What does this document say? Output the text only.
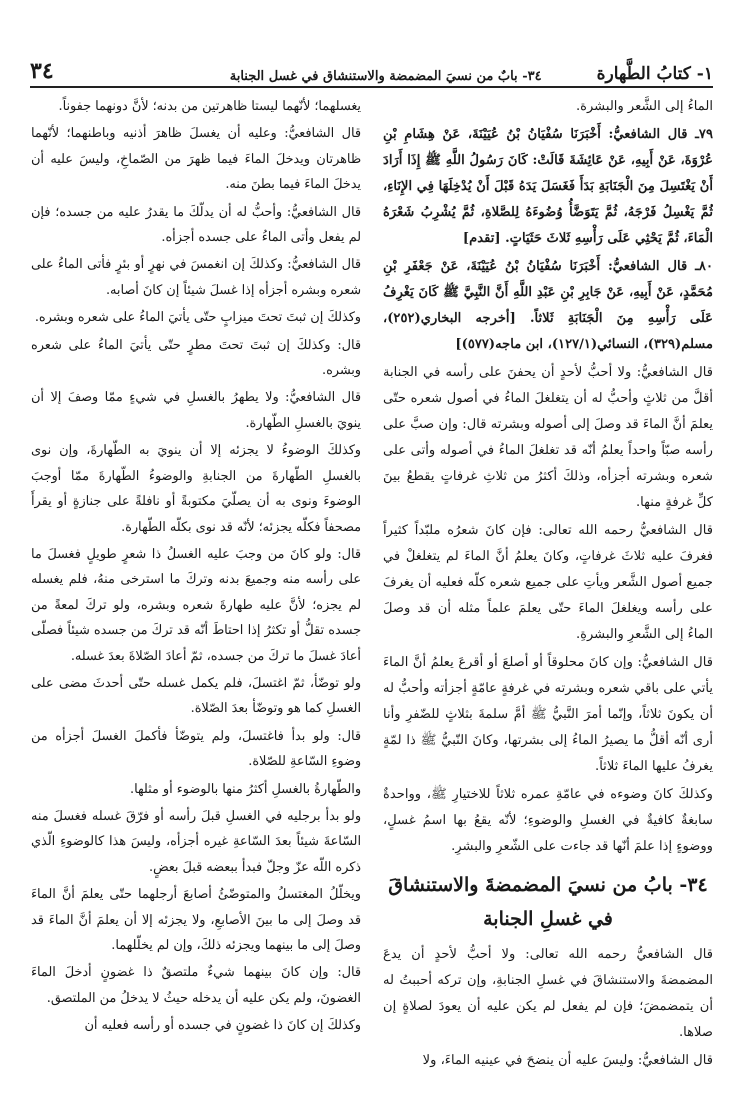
١- كتابُ الطَّهارة
٣٤- بابٌ من نسيَ المضمضة والاستنشاق في غسل الجنابة
٣٤

الماءُ إلى الشَّعر والبشرة.

٧٩ـ قال الشافعيُّ: أَخْبَرَنَا سُفْيَانُ بْنُ عُيَيْنَةَ، عَنْ هِشَامِ بْنِ عُرْوَةَ، عَنْ أَبِيهِ، عَنْ عَائِشَةَ قَالَتْ: كَانَ رَسُولُ اللَّهِ ﷺ إِذَا أَرَادَ أَنْ يَغْتَسِلَ مِنَ الْجَنَابَةِ بَدَأَ فَغَسَلَ يَدَهُ قَبْلَ أَنْ يُدْخِلَهَا فِي الإِنَاءِ، ثُمَّ يَغْسِلُ فَرْجَهُ، ثُمَّ يَتَوَضَّأُ وُضُوءَهُ لِلصَّلاةِ، ثُمَّ يُشْرِبُ شَعْرَهُ الْمَاءَ، ثُمَّ يَحْثِي عَلَى رَأْسِهِ ثَلاثَ حَثَيَاتٍ. [تقدم]

٨٠ـ قال الشافعيُّ: أَخْبَرَنَا سُفْيَانُ بْنُ عُيَيْنَةَ، عَنْ جَعْفَرِ بْنِ مُحَمَّدٍ، عَنْ أَبِيهِ، عَنْ جَابِرِ بْنِ عَبْدِ اللَّهِ أَنَّ النَّبِيَّ ﷺ كَانَ يَغْرِفُ عَلَى رَأْسِهِ مِنَ الْجَنَابَةِ ثَلاثاً. [أخرجه البخاري(٢٥٢)، مسلم(٣٢٩)، النسائي(١٢٧/١)، ابن ماجه(٥٧٧)]

قال الشافعيُّ: ولا أحبُّ لأحدٍ أن يحفنَ على رأسه في الجنابة أقلَّ من ثلاثٍ وأحبُّ له أن يتغلغلَ الماءُ في أصول شعره حتّى يعلمَ أنَّ الماءَ قد وصلَ إلى أصوله وبشرته قال: وإن صبَّ على رأسه صبّاً واحداً يعلمُ أنّه قد تغلغلَ الماءُ في أصوله وأتى على شعره وبشرته أجزأه، وذلكَ أكثرُ من ثلاثِ غرفاتٍ يقطعُ بينَ كلِّ غرفةٍ منها.

قال الشافعيُّ رحمه الله تعالى: فإن كانَ شعرُه ملبّداً كثيراً فغرفَ عليه ثلاثَ غرفاتٍ، وكانَ يعلمُ أنَّ الماءَ لم يتغلغلْ في جميع أصول الشَّعر ويأتِ على جميع شعره كلّه فعليه أن يغرفَ على رأسه ويغلغلَ الماءَ حتّى يعلمَ علماً مثله أن قد وصلَ الماءُ إلى الشَّعرِ والبشرةِ.

قال الشافعيُّ: وإن كانَ محلوقاً أو أصلعَ أو أقرعَ يعلمُ أنَّ الماءَ يأتي على باقي شعره وبشرته في غرفةٍ عامّةٍ أجزأته وأحبُّ له أن يكونَ ثلاثاً، وإنّما أمرَ النَّبيُّ ﷺ أمَّ سلمةَ بثلاثٍ للضّفرِ وأنا أرى أنّه أقلُّ ما يصيرُ الماءُ إلى بشرتها، وكانَ النّبيُّ ﷺ ذا لمّةٍ يغرفُ عليها الماءَ ثلاثاً.

وكذلكَ كانَ وضوءه في عامّةِ عمره ثلاثاً للاختيارِ ﷺ، وواحدةٌ سابغةٌ كافيةٌ في الغسلِ والوضوءِ؛ لأنّه يقعُ بها اسمُ غسلٍ، ووضوءٍ إذا علمَ أنّها قد جاءت على الشّعرِ والبشرِ.

٣٤- بابُ من نسيَ المضمضةَ والاستنشاقَ في غسلِ الجنابة

قال الشافعيُّ رحمه الله تعالى: ولا أحبُّ لأحدٍ أن يدعَ المضمضةَ والاستنشاقَ في غسلِ الجنابةِ، وإن تركه أحببتُ له أن يتمضمضَ؛ فإن لم يفعل لم يكن عليه أن يعودَ لصلاةٍ إن صلاها.

قال الشافعيُّ: وليسَ عليه أن ينضحَ في عينيه الماءَ، ولا

يغسلهما؛ لأنّهما ليستا ظاهرتين من بدنه؛ لأنَّ دونهما جفوناً.

قال الشافعيُّ: وعليه أن يغسلَ ظاهرَ أذنيه وباطنهما؛ لأنّهما ظاهرتان ويدخلَ الماءَ فيما ظهرَ من الصّماخِ، وليسَ عليه أن يدخلَ الماءَ فيما بطنَ منه.

قال الشافعيُّ: وأحبُّ له أن يدلّكَ ما يقدرُ عليه من جسده؛ فإن لم يفعل وأتى الماءُ على جسده أجزأه.

قال الشافعيُّ: وكذلكَ إن انغمسَ في نهرٍ أو بئرٍ فأتى الماءُ على شعره وبشره أجزأه إذا غسلَ شيئاً إن كانَ أصابه.

وكذلكَ إن ثبتَ تحتَ ميزابٍ حتّى يأتيَ الماءُ على شعره وبشره.

قال: وكذلكَ إن ثبتَ تحتَ مطرٍ حتّى يأتيَ الماءُ على شعره وبشره.

قال الشافعيُّ: ولا يطهرُ بالغسلِ في شيءٍ ممّا وصفَ إلا أن ينويَ بالغسلِ الطّهارة.

وكذلكَ الوضوءُ لا يجزئه إلا أن ينويَ به الطّهارةَ، وإن نوى بالغسلِ الطّهارةَ من الجنابةِ والوضوءُ الطّهارةَ ممّا أوجبَ الوضوءَ ونوى به أن يصلّيَ مكتوبةً أو نافلةً على جنازةٍ أو يقرأَ مصحفاً فكلّه يجزئه؛ لأنّه قد نوى بكلّه الطّهارة.

قال: ولو كانَ من وجبَ عليه الغسلُ ذا شعرٍ طويلٍ فغسلَ ما على رأسه منه وجميعَ بدنه وتركَ ما استرخى منهُ، فلم يغسله لم يجزه؛ لأنَّ عليه طهارةَ شعره وبشره، ولو تركَ لمعةً من جسده تقلُّ أو تكثرُ إذا احتاطَ أنّه قد تركَ من جسده شيئاً فصلّى أعادَ غسلَ ما تركَ من جسده، ثمّ أعادَ الصّلاةَ بعدَ غسله.

ولو توضّأ، ثمّ اغتسلَ، فلم يكمل غسله حتّى أحدثَ مضى على الغسلِ كما هو وتوضّأ بعدَ الصّلاة.

قال: ولو بدأ فاغتسلَ، ولم يتوضّأ فأكملَ الغسلَ أجزأه من وضوءِ السّاعةِ للصّلاة.

والطّهارةُ بالغسلِ أكثرُ منها بالوضوء أو مثلها.

ولو بدأ برجليه في الغسلِ قبلَ رأسه أو فرّقَ غسله فغسلَ منه السّاعةَ شيئاً بعدَ السّاعةِ غيره أجزأه، وليسَ هذا كالوضوءِ الّذي ذكره اللّه عزّ وجلّ فبدأ ببعضه قبلَ بعضٍ.

ويخلّلُ المغتسلُ والمتوضّئُ أصابعَ أرجلهما حتّى يعلمَ أنَّ الماءَ قد وصلَ إلى ما بينَ الأصابعِ، ولا يجزئه إلا أن يعلمَ أنَّ الماءَ قد وصلَ إلى ما بينهما ويجزئه ذلكَ، وإن لم يخلّلهما.

قال: وإن كانَ بينهما شيءٌ ملتصقٌ ذا غضونٍ أدخلَ الماءَ الغضونَ، ولم يكن عليه أن يدخله حيثُ لا يدخلُ من الملتصق.

وكذلكَ إن كانَ ذا غضونٍ في جسده أو رأسه فعليه أن
